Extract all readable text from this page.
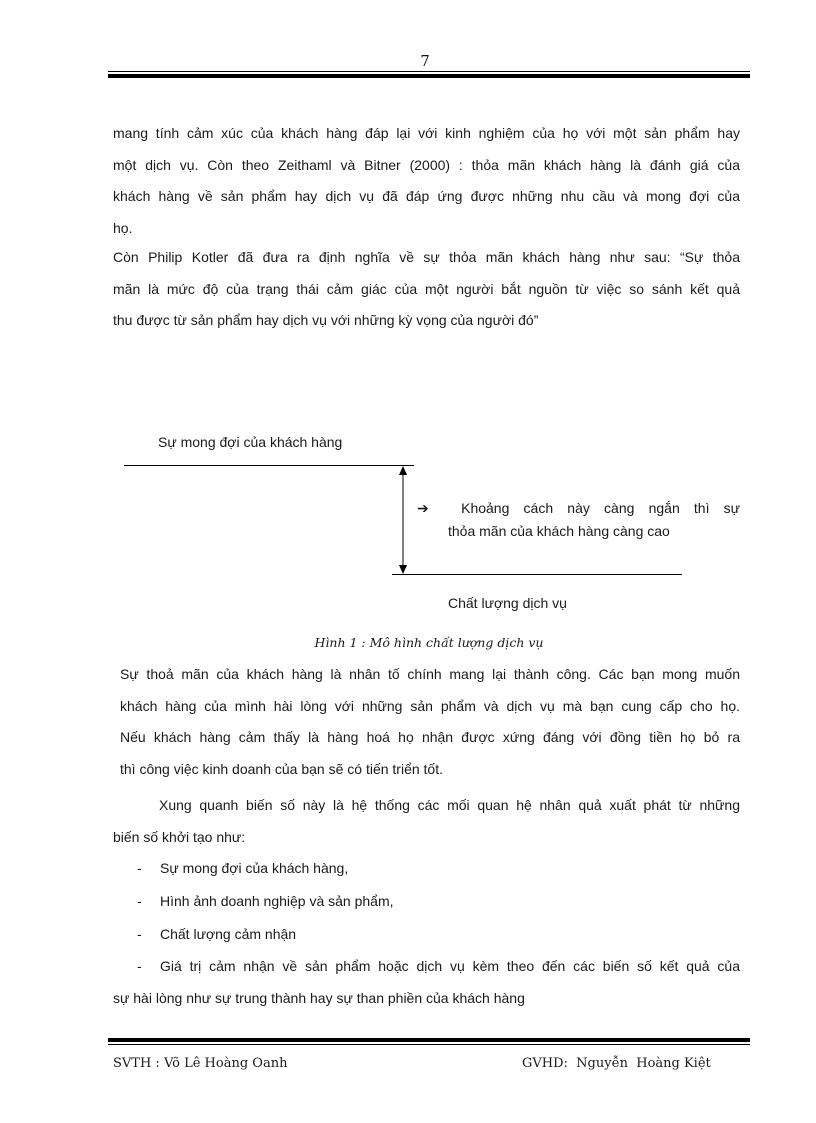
7
mang tính cảm xúc của khách hàng đáp lại với kinh nghiệm của họ với một sản phẩm hay
một dịch vụ. Còn theo Zeithaml và Bitner (2000) : thỏa mãn khách hàng là đánh giá của
khách hàng về sản phẩm hay dịch vụ đã đáp ứng được những nhu cầu và mong đợi của
họ.
Còn Philip Kotler đã đưa ra định nghĩa về sự thỏa mãn khách hàng như sau: “Sự thỏa
mãn là mức độ của trạng thái cảm giác của một người bắt nguồn từ việc so sánh kết quả
thu được từ sản phẩm hay dịch vụ với những kỳ vọng của người đó”
Sự mong đợi của khách hàng
➔ Khoảng cách này càng ngắn thì sự
thỏa mãn của khách hàng càng cao
Chất lượng dịch vụ
Hình 1 : Mô hình chất lượng dịch vụ
Sự thoả mãn của khách hàng là nhân tố chính mang lại thành công. Các bạn mong muốn
khách hàng của mình hài lòng với những sản phẩm và dịch vụ mà bạn cung cấp cho họ.
Nếu khách hàng cảm thấy là hàng hoá họ nhận được xứng đáng với đồng tiền họ bỏ ra
thì công việc kinh doanh của bạn sẽ có tiến triển tốt.
Xung quanh biến số này là hệ thống các mối quan hệ nhân quả xuất phát từ những
biến số khởi tạo như:
- Sự mong đợi của khách hàng,
- Hình ảnh doanh nghiệp và sản phẩm,
- Chất lượng cảm nhận
- Giá trị cảm nhận về sản phẩm hoặc dịch vụ kèm theo đến các biến số kết quả của
sự hài lòng như sự trung thành hay sự than phiền của khách hàng
SVTH : Võ Lê Hoàng Oanh	GVHD:  Nguyễn  Hoàng Kiệt
